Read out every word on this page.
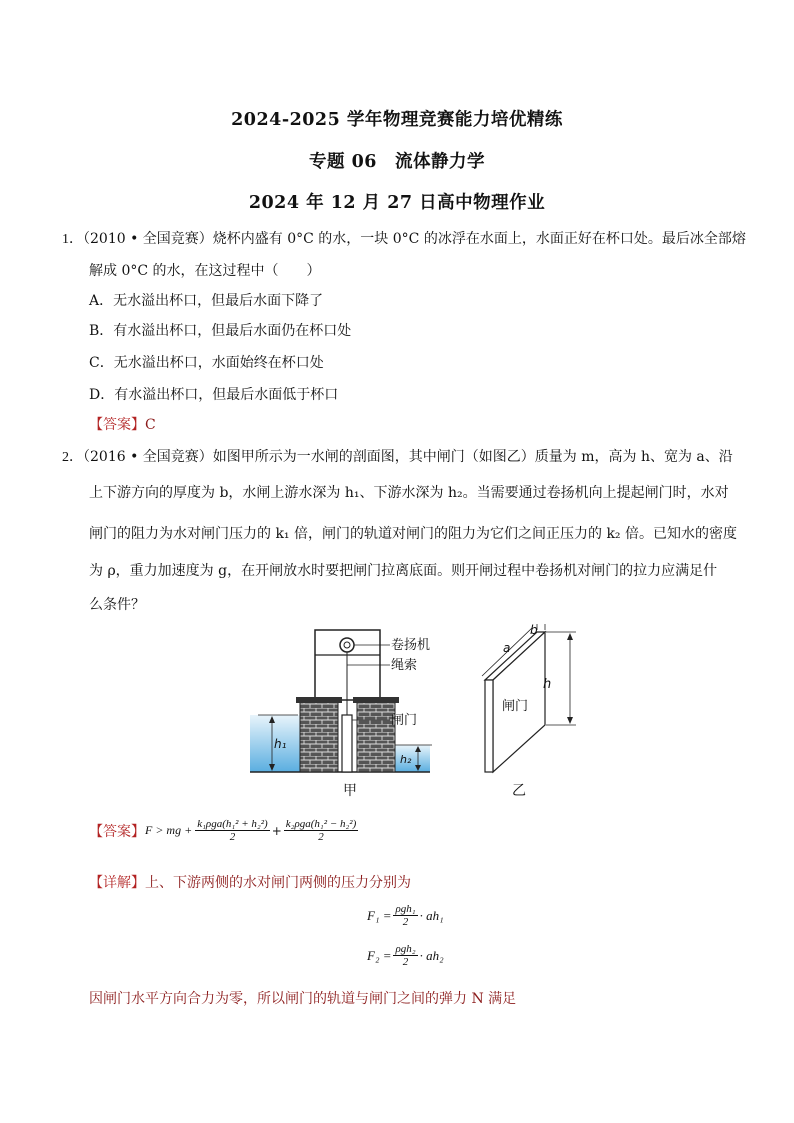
2024-2025 学年物理竞赛能力培优精练
专题 06　流体静力学
2024 年 12 月 27 日高中物理作业
1．（2010 • 全国竞赛）烧杯内盛有 0°C 的水，一块 0°C 的冰浮在水面上，水面正好在杯口处。最后冰全部熔
解成 0°C 的水，在这过程中（　　）
A．无水溢出杯口，但最后水面下降了
B．有水溢出杯口，但最后水面仍在杯口处
C．无水溢出杯口，水面始终在杯口处
D．有水溢出杯口，但最后水面低于杯口
【答案】C
2．（2016 • 全国竞赛）如图甲所示为一水闸的剖面图，其中闸门（如图乙）质量为 m，高为 h、宽为 a、沿
上下游方向的厚度为 b，水闸上游水深为 h₁、下游水深为 h₂。当需要通过卷扬机向上提起闸门时，水对
闸门的阻力为水对闸门压力的 k₁ 倍，闸门的轨道对闸门的阻力为它们之间正压力的 k₂ 倍。已知水的密度
为 ρ，重力加速度为 g，在开闸放水时要把闸门拉离底面。则开闸过程中卷扬机对闸门的拉力应满足什
么条件？
卷扬机
绳索
闸门
h₁
h₂
甲
b
a
h
闸门
乙
【答案】 F > mg + $\frac{\text{k₁ρga(h₁² + h₂²)}}{2} + \frac{\text{k₂ρga(h₁² − h₂²)}}{2}$
【详解】上、下游两侧的水对闸门两侧的压力分别为
$F_1 = \frac{\text{ρgh₁}}{2} \cdot ah_1$
$F_2 = \frac{\text{ρgh₂}}{2} \cdot ah_2$
因闸门水平方向合力为零，所以闸门的轨道与闸门之间的弹力 N 满足
